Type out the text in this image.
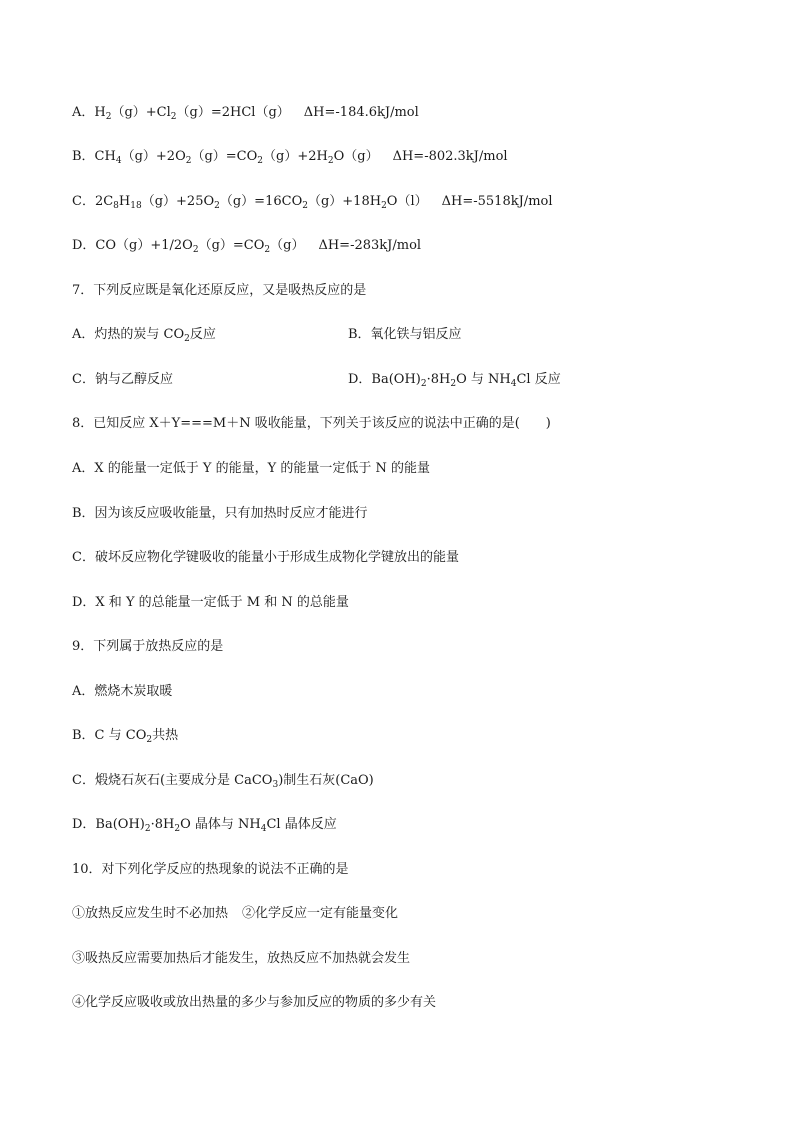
A．$H_2(g)+Cl_2(g)=2HCl(g)$ ΔH=-184.6kJ/mol
B．$CH_4(g)+2O_2(g)=CO_2(g)+2H_2O(g)$ ΔH=-802.3kJ/mol
C．$2C_8H_{18}(g)+25O_2(g)=16CO_2(g)+18H_2O(l)$ ΔH=-5518kJ/mol
D．$CO(g)+1/2O_2(g)=CO_2(g)$ ΔH=-283kJ/mol
7．下列反应既是氧化还原反应，又是吸热反应的是
A．灼热的炭与 $CO_2$反应	B．氧化铁与铝反应
C．钠与乙醇反应	D．$Ba(OH)_2\cdot 8H_2O$ 与 $NH_4Cl$ 反应
8．已知反应 X＋Y===M＋N 吸收能量，下列关于该反应的说法中正确的是(　　)
A．X 的能量一定低于 Y 的能量，Y 的能量一定低于 N 的能量
B．因为该反应吸收能量，只有加热时反应才能进行
C．破坏反应物化学键吸收的能量小于形成生成物化学键放出的能量
D．X 和 Y 的总能量一定低于 M 和 N 的总能量
9．下列属于放热反应的是
A．燃烧木炭取暖
B．C 与 $CO_2$共热
C．煅烧石灰石(主要成分是 CaCO$_3$)制生石灰(CaO)
D．$Ba(OH)_2\cdot 8H_2O$ 晶体与 $NH_4Cl$ 晶体反应
10．对下列化学反应的热现象的说法不正确的是
①放热反应发生时不必加热 ②化学反应一定有能量变化
③吸热反应需要加热后才能发生，放热反应不加热就会发生
④化学反应吸收或放出热量的多少与参加反应的物质的多少有关
